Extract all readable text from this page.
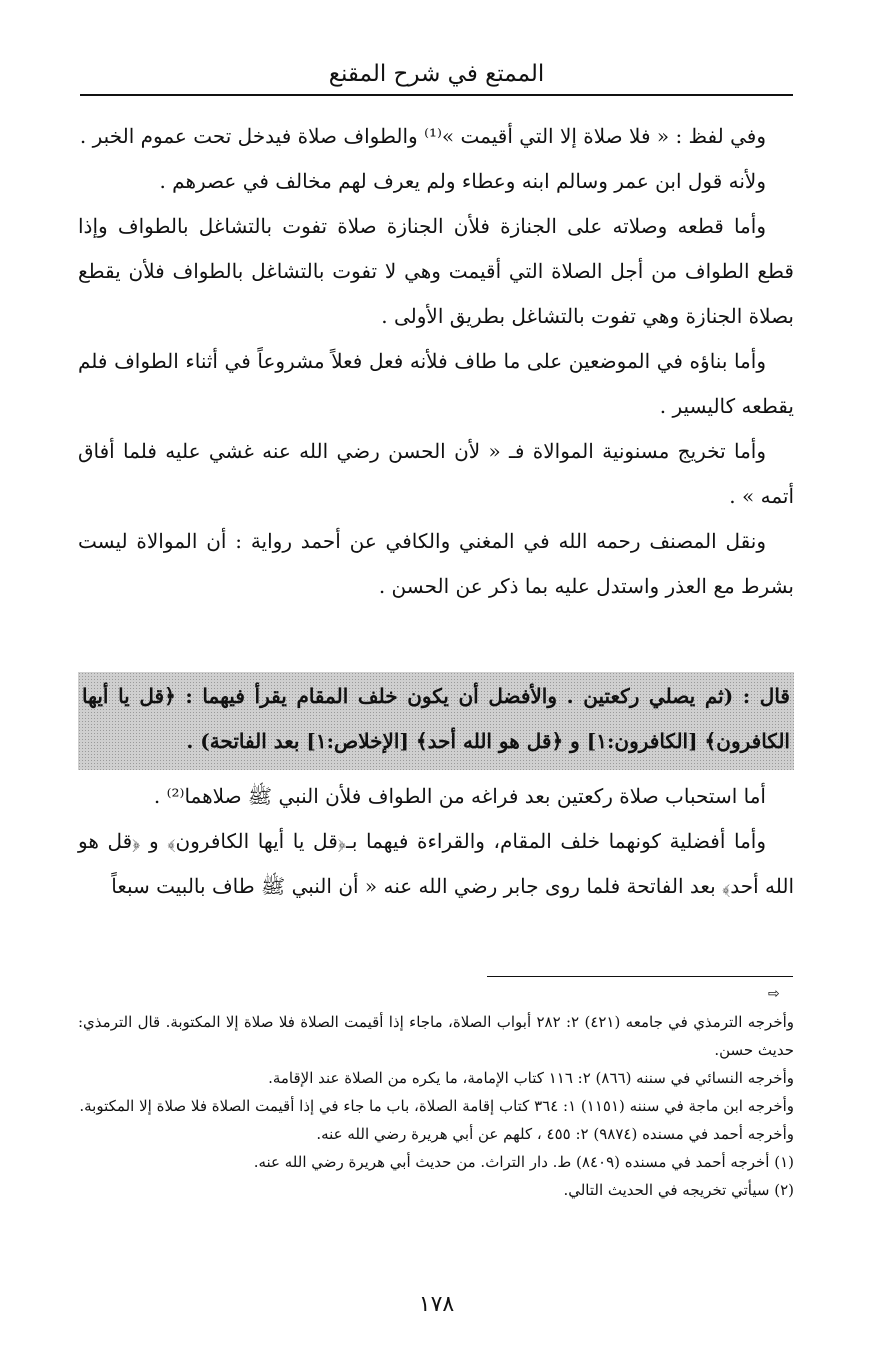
الممتع في شرح المقنع

وفي لفظ : « فلا صلاة إلا التي أقيمت »⁽¹⁾ والطواف صلاة فيدخل تحت عموم الخبر .

ولأنه قول ابن عمر وسالم ابنه وعطاء ولم يعرف لهم مخالف في عصرهم .

وأما قطعه وصلاته على الجنازة فلأن الجنازة صلاة تفوت بالتشاغل بالطواف وإذا قطع الطواف من أجل الصلاة التي أقيمت وهي لا تفوت بالتشاغل بالطواف فلأن يقطع بصلاة الجنازة وهي تفوت بالتشاغل بطريق الأولى .

وأما بناؤه في الموضعين على ما طاف فلأنه فعل فعلاً مشروعاً في أثناء الطواف فلم يقطعه كاليسير .

وأما تخريج مسنونية الموالاة فـ « لأن الحسن رضي الله عنه غشي عليه فلما أفاق أتمه » .

ونقل المصنف رحمه الله في المغني والكافي عن أحمد رواية : أن الموالاة ليست بشرط مع العذر واستدل عليه بما ذكر عن الحسن .

قال : (ثم يصلي ركعتين . والأفضل أن يكون خلف المقام يقرأ فيهما : ﴿قل يا أيها الكافرون﴾ [الكافرون:١] و ﴿قل هو الله أحد﴾ [الإخلاص:١] بعد الفاتحة) .

أما استحباب صلاة ركعتين بعد فراغه من الطواف فلأن النبي ﷺ صلاهما⁽²⁾ .

وأما أفضلية كونهما خلف المقام، والقراءة فيهما بـ﴿قل يا أيها الكافرون﴾ و ﴿قل هو الله أحد﴾ بعد الفاتحة فلما روى جابر رضي الله عنه « أن النبي ﷺ طاف بالبيت سبعاً

⇨

وأخرجه الترمذي في جامعه (٤٢١) ٢: ٢٨٢ أبواب الصلاة، ماجاء إذا أقيمت الصلاة فلا صلاة إلا المكتوبة. قال الترمذي: حديث حسن.

وأخرجه النسائي في سننه (٨٦٦) ٢: ١١٦ كتاب الإمامة، ما يكره من الصلاة عند الإقامة.

وأخرجه ابن ماجة في سننه (١١٥١) ١: ٣٦٤ كتاب إقامة الصلاة، باب ما جاء في إذا أقيمت الصلاة فلا صلاة إلا المكتوبة.

وأخرجه أحمد في مسنده (٩٨٧٤) ٢: ٤٥٥ ، كلهم عن أبي هريرة رضي الله عنه.

(١) أخرجه أحمد في مسنده (٨٤٠٩) ط. دار التراث. من حديث أبي هريرة رضي الله عنه.

(٢) سيأتي تخريجه في الحديث التالي.

١٧٨
